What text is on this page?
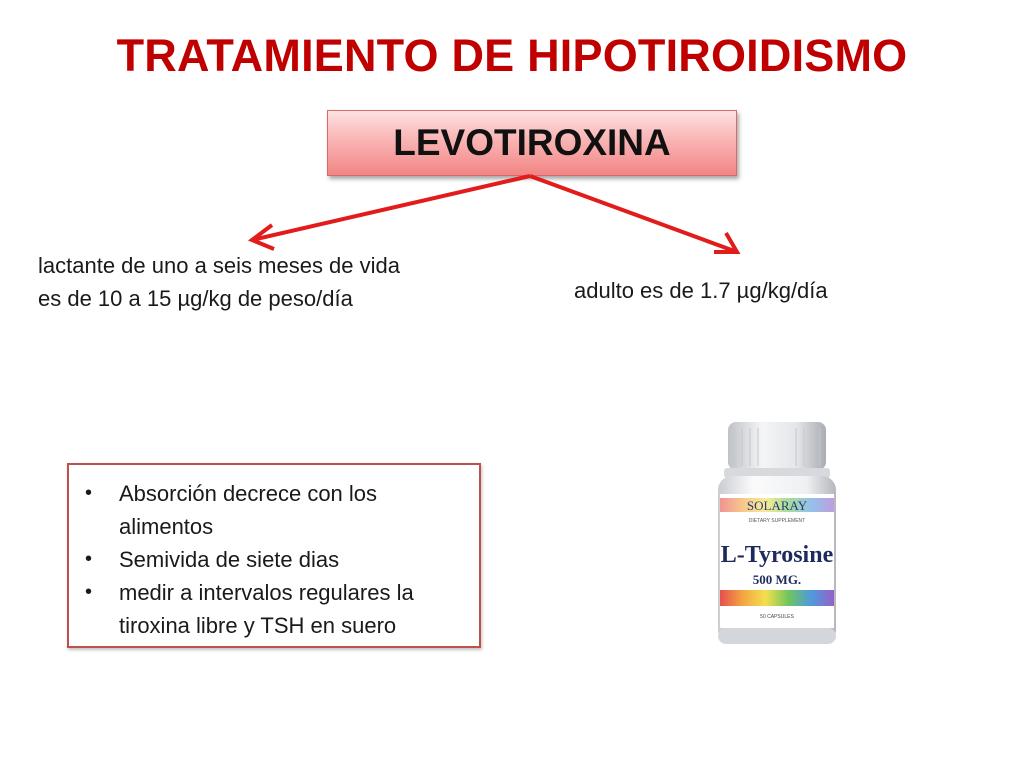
TRATAMIENTO DE HIPOTIROIDISMO
LEVOTIROXINA
lactante de uno a seis meses de vida
es de 10 a 15 µg/kg de peso/día	adulto es de 1.7 µg/kg/día
• Absorción decrece con los
alimentos
• Semivida de siete dias
• medir a intervalos regulares la
tiroxina libre y TSH en suero
SOLARAY
DIETARY SUPPLEMENT
L-Tyrosine
500 MG.
50 CAPSULES
